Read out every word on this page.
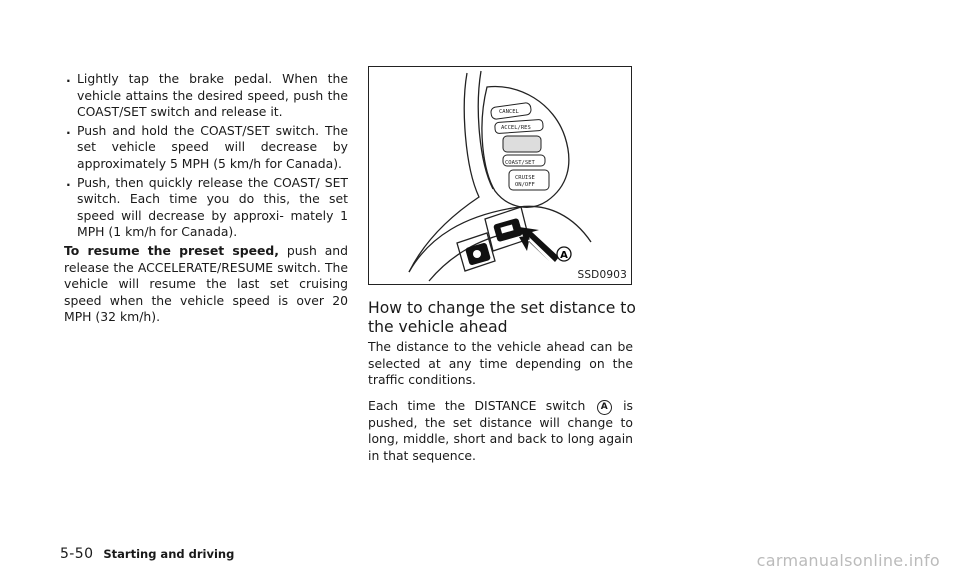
. Lightly tap the brake pedal. When the vehicle attains the desired speed, push the COAST/SET switch and release it.
. Push and hold the COAST/SET switch. The set vehicle speed will decrease by approximately 5 MPH (5 km/h for Canada).
. Push, then quickly release the COAST/ SET switch. Each time you do this, the set speed will decrease by approxi- mately 1 MPH (1 km/h for Canada).

To resume the preset speed, push and release the ACCELERATE/RESUME switch. The vehicle will resume the last set cruising speed when the vehicle speed is over 20 MPH (32 km/h).

CANCEL
ACCEL/RES
COAST/SET
CRUISE
ON/OFF
A
SSD0903
How to change the set distance to the vehicle ahead

The distance to the vehicle ahead can be selected at any time depending on the traffic conditions.

Each time the DISTANCE switch A is pushed, the set distance will change to long, middle, short and back to long again in that sequence.

5-50 Starting and driving	carmanualsonline.info
